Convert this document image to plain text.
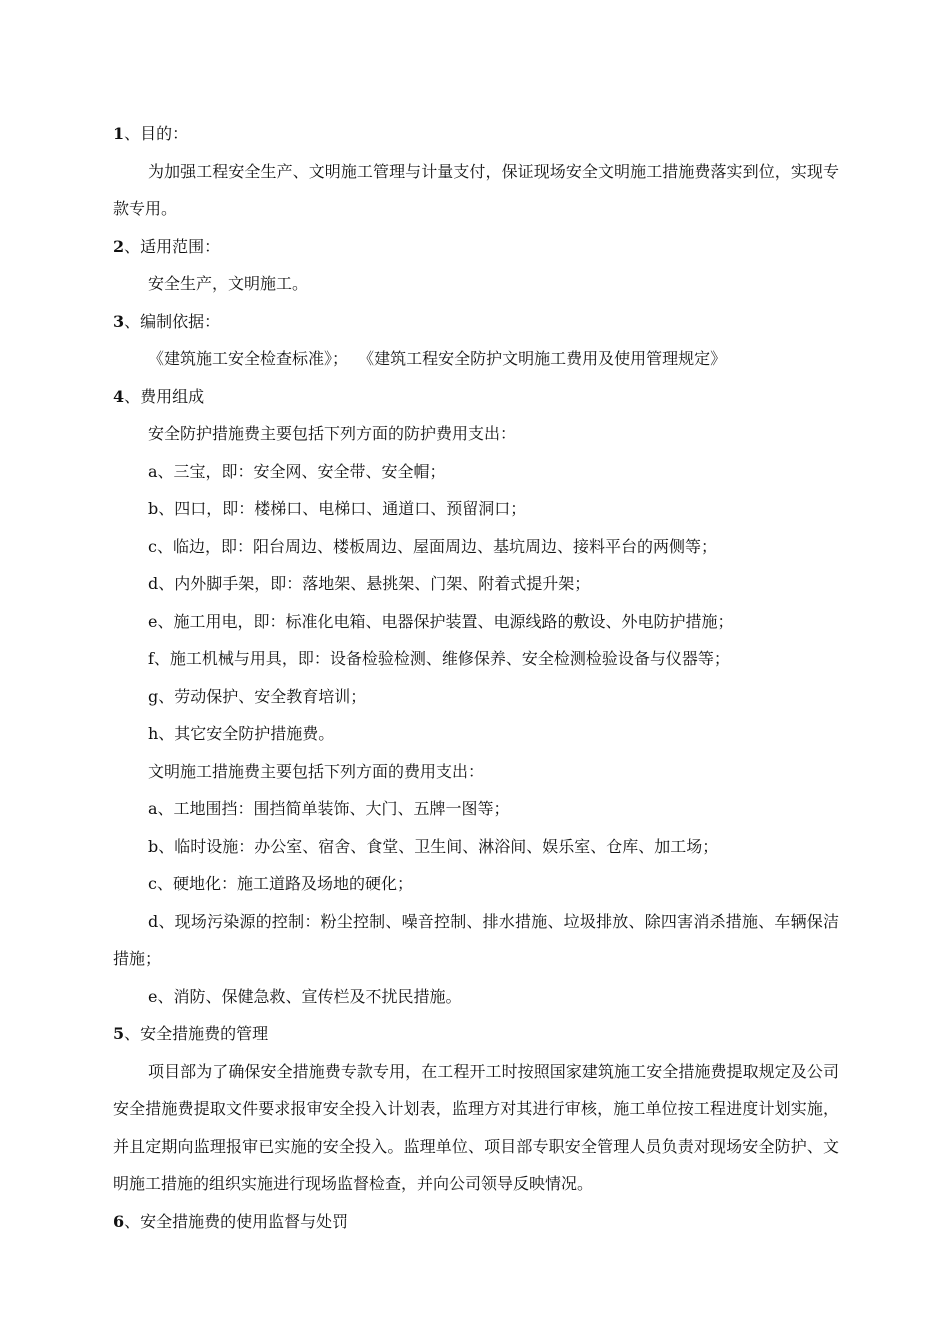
1、目的：

为加强工程安全生产、文明施工管理与计量支付，保证现场安全文明施工措施费落实到位，实现专款专用。

2、适用范围：
安全生产，文明施工。
3、编制依据：
《建筑施工安全检查标准》；  《建筑工程安全防护文明施工费用及使用管理规定》
4、费用组成
安全防护措施费主要包括下列方面的防护费用支出：
a、三宝，即：安全网、安全带、安全帽；
b、四口，即：楼梯口、电梯口、通道口、预留洞口；
c、临边，即：阳台周边、楼板周边、屋面周边、基坑周边、接料平台的两侧等；
d、内外脚手架，即：落地架、悬挑架、门架、附着式提升架；
e、施工用电，即：标准化电箱、电器保护装置、电源线路的敷设、外电防护措施；
f、施工机械与用具，即：设备检验检测、维修保养、安全检测检验设备与仪器等；
g、劳动保护、安全教育培训；
h、其它安全防护措施费。
文明施工措施费主要包括下列方面的费用支出：
a、工地围挡：围挡简单装饰、大门、五牌一图等；
b、临时设施：办公室、宿舍、食堂、卫生间、淋浴间、娱乐室、仓库、加工场；
c、硬地化：施工道路及场地的硬化；

d、现场污染源的控制：粉尘控制、噪音控制、排水措施、垃圾排放、除四害消杀措施、车辆保洁措施；

e、消防、保健急救、宣传栏及不扰民措施。
5、安全措施费的管理

项目部为了确保安全措施费专款专用，在工程开工时按照国家建筑施工安全措施费提取规定及公司安全措施费提取文件要求报审安全投入计划表，监理方对其进行审核，施工单位按工程进度计划实施，并且定期向监理报审已实施的安全投入。监理单位、项目部专职安全管理人员负责对现场安全防护、文明施工措施的组织实施进行现场监督检查，并向公司领导反映情况。

6、安全措施费的使用监督与处罚
